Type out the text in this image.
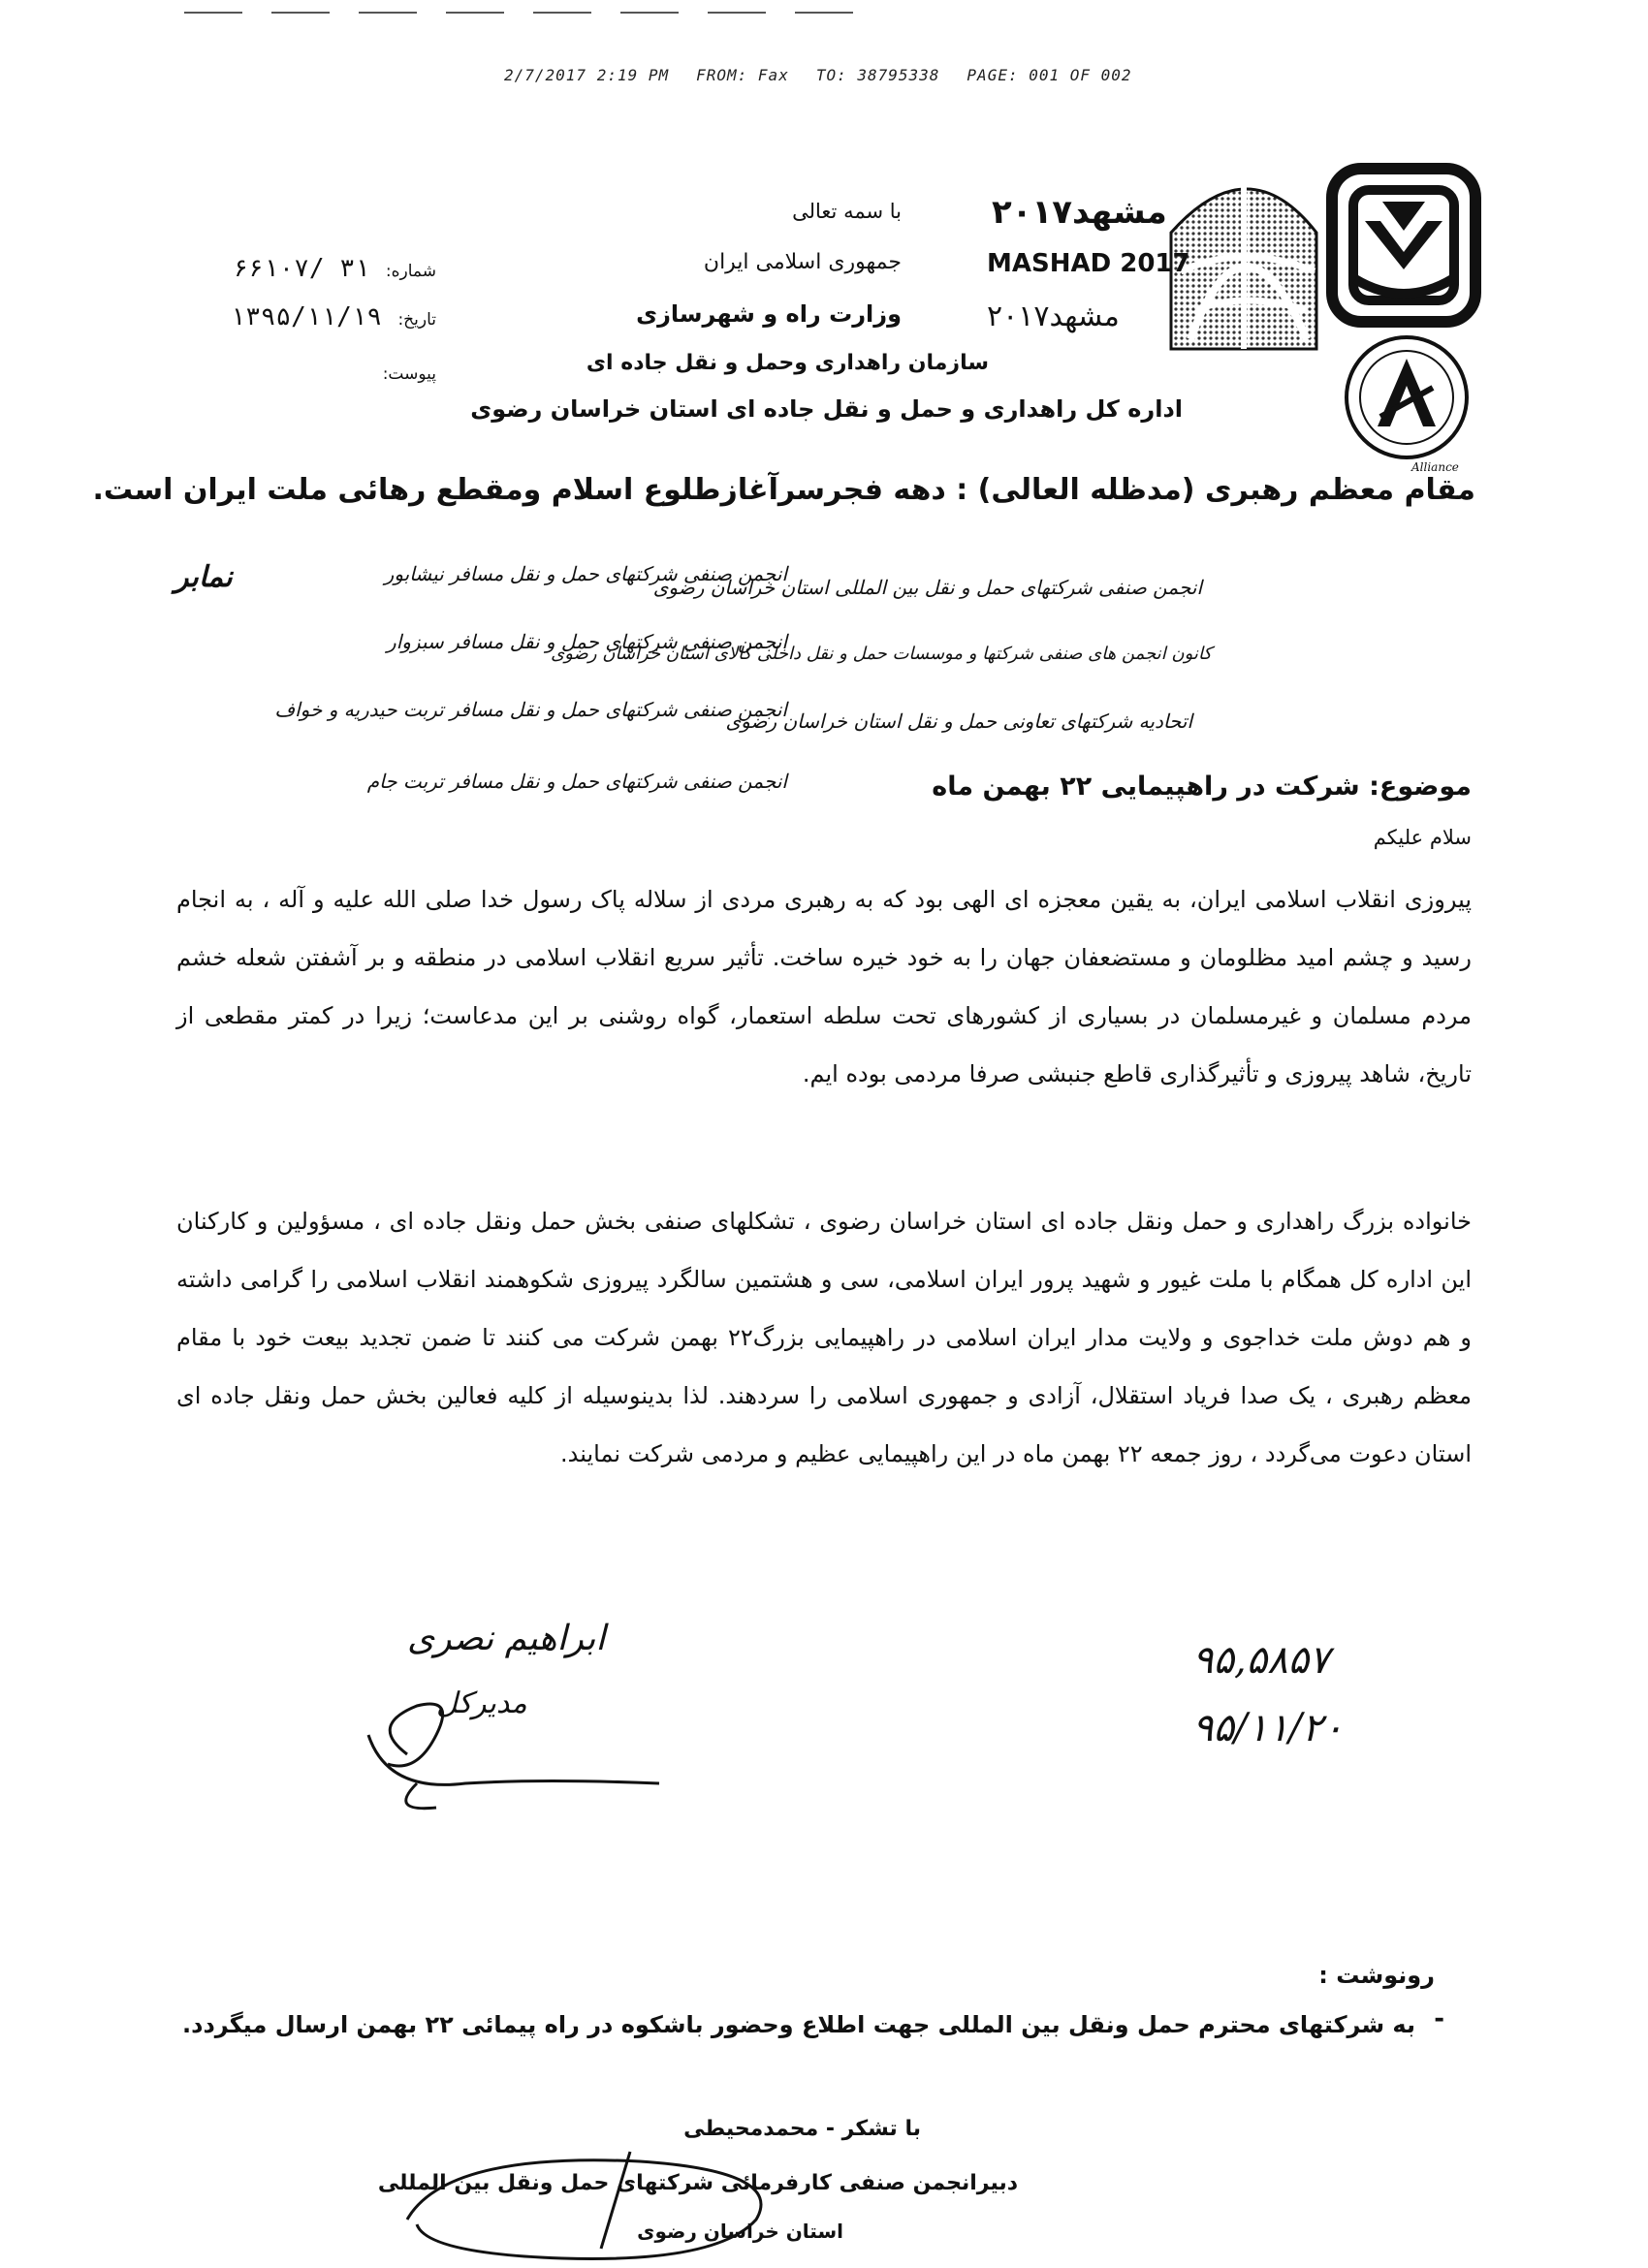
2/7/2017 2:19 PM FROM: Fax TO: 38795338 PAGE: 001 OF 002
مشهد۲۰۱۷
MASHAD 2017
مشهد۲۰۱۷
Alliance
با سمه تعالی
جمهوری اسلامی ایران
وزارت راه و شهرسازی
سازمان راهداری وحمل و نقل جاده ای
اداره کل راهداری و حمل و نقل جاده ای استان خراسان رضوی
شماره: ۳۱ /۶۶۱۰۷
تاریخ: ۱۳۹۵/۱۱/۱۹
پیوست:
مقام معظم رهبری (مدظله العالی) : دهه فجرسرآغازطلوع اسلام ومقطع رهائی ملت ایران است.
انجمن صنفی شرکتهای حمل و نقل بین المللی استان خراسان رضوی
کانون انجمن های صنفی شرکتها و موسسات حمل و نقل داخلی کالای استان خراسان رضوی
اتحادیه شرکتهای تعاونی حمل و نقل استان خراسان رضوی
انجمن صنفی شرکتهای حمل و نقل مسافر نیشابور
انجمن صنفی شرکتهای حمل و نقل مسافر سبزوار
انجمن صنفی شرکتهای حمل و نقل مسافر تربت حیدریه و خواف
انجمن صنفی شرکتهای حمل و نقل مسافر تربت جام
نمابر
موضوع: شرکت در راهپیمایی ۲۲ بهمن ماه
سلام علیکم
پیروزی انقلاب اسلامی ایران، به یقین معجزه ای الهی بود که به رهبری مردی از سلاله پاک رسول خدا صلی الله علیه و آله ، به انجام رسید و چشم امید مظلومان و مستضعفان جهان را به خود خیره ساخت. تأثیر سریع انقلاب اسلامی در منطقه و بر آشفتن شعله خشم مردم مسلمان و غیرمسلمان در بسیاری از کشورهای تحت سلطه استعمار، گواه روشنی بر این مدعاست؛ زیرا در کمتر مقطعی از تاریخ، شاهد پیروزی و تأثیرگذاری قاطع جنبشی صرفا مردمی بوده ایم.
خانواده بزرگ راهداری و حمل ونقل جاده ای استان خراسان رضوی ، تشکلهای صنفی بخش حمل ونقل جاده ای ، مسؤولین و کارکنان این اداره کل همگام با ملت غیور و شهید پرور ایران اسلامی، سی و هشتمین سالگرد پیروزی شکوهمند انقلاب اسلامی را گرامی داشته و هم دوش ملت خداجوی و ولایت مدار ایران اسلامی در راهپیمایی بزرگ۲۲ بهمن شرکت می کنند تا ضمن تجدید بیعت خود با مقام معظم رهبری ، یک صدا فریاد استقلال، آزادی و جمهوری اسلامی را سردهند. لذا بدینوسیله از کلیه فعالین بخش حمل ونقل جاده ای استان دعوت می‌گردد ، روز جمعه ۲۲ بهمن ماه در این راهپیمایی عظیم و مردمی شرکت نمایند.
ابراهیم نصری
مدیرکل
۹۵,۵۸۵۷
۹۵/۱۱/۲۰
رونوشت :
-
به شرکتهای محترم حمل ونقل بین المللی جهت اطلاع وحضور باشکوه در راه پیمائی ۲۲ بهمن ارسال میگردد.
با تشکر - محمدمحیطی
دبیرانجمن صنفی کارفرمائی شرکتهای حمل ونقل بین المللی
استان خراسان رضوی
